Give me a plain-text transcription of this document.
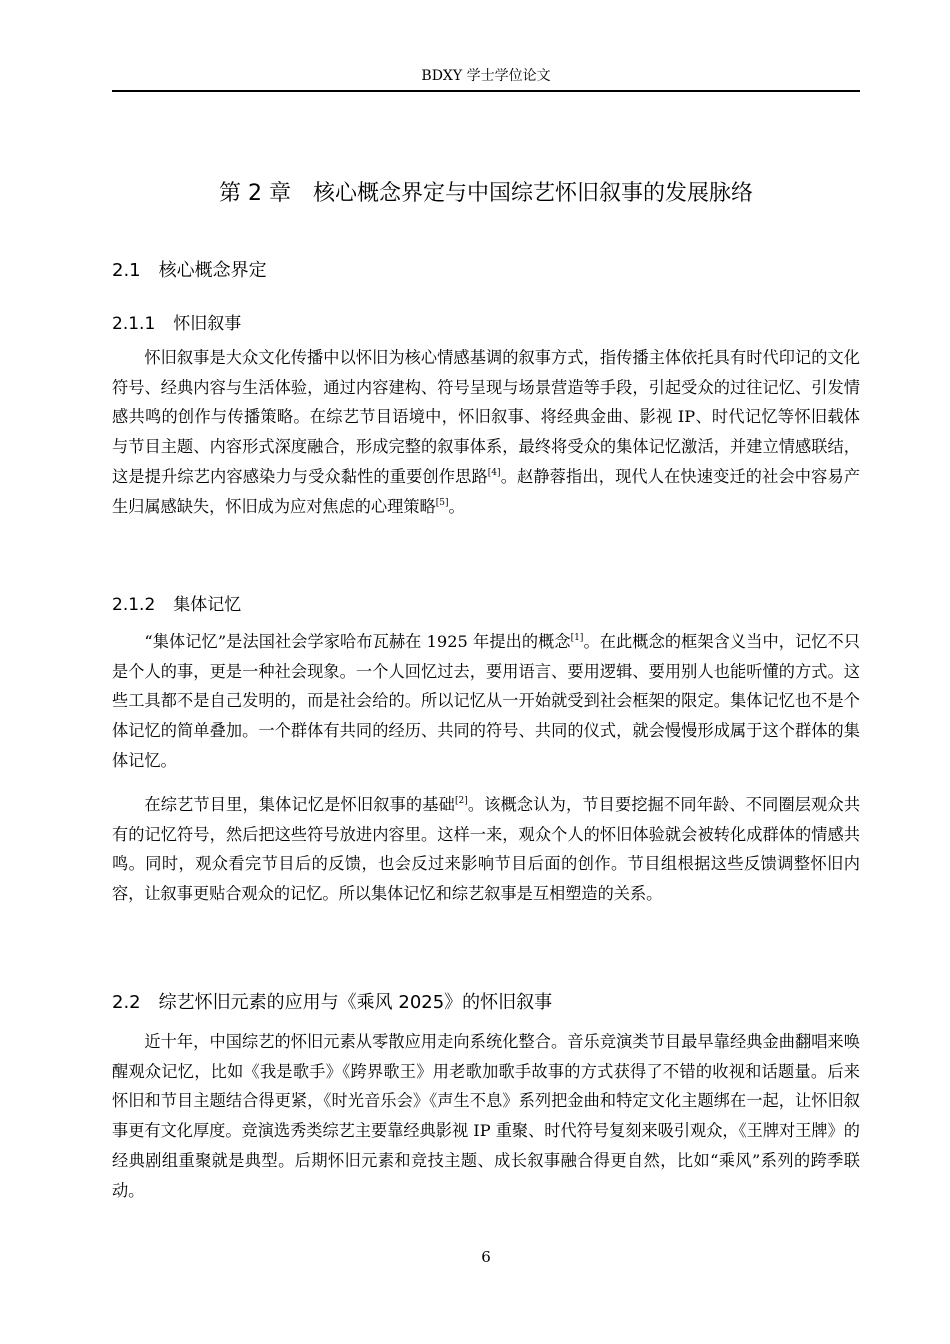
BDXY 学士学位论文
第 2 章　核心概念界定与中国综艺怀旧叙事的发展脉络
2.1 核心概念界定
2.1.1 怀旧叙事
怀旧叙事是大众文化传播中以怀旧为核心情感基调的叙事方式，指传播主体依托具有时代印记的文化符号、经典内容与生活体验，通过内容建构、符号呈现与场景营造等手段，引起受众的过往记忆、引发情感共鸣的创作与传播策略。在综艺节目语境中，怀旧叙事、将经典金曲、影视 IP、时代记忆等怀旧载体与节目主题、内容形式深度融合，形成完整的叙事体系，最终将受众的集体记忆激活，并建立情感联结，这是提升综艺内容感染力与受众黏性的重要创作思路[4]。赵静蓉指出，现代人在快速变迁的社会中容易产生归属感缺失，怀旧成为应对焦虑的心理策略[5]。
2.1.2 集体记忆
“集体记忆”是法国社会学家哈布瓦赫在 1925 年提出的概念[1]。在此概念的框架含义当中，记忆不只是个人的事，更是一种社会现象。一个人回忆过去，要用语言、要用逻辑、要用别人也能听懂的方式。这些工具都不是自己发明的，而是社会给的。所以记忆从一开始就受到社会框架的限定。集体记忆也不是个体记忆的简单叠加。一个群体有共同的经历、共同的符号、共同的仪式，就会慢慢形成属于这个群体的集体记忆。
在综艺节目里，集体记忆是怀旧叙事的基础[2]。该概念认为，节目要挖掘不同年龄、不同圈层观众共有的记忆符号，然后把这些符号放进内容里。这样一来，观众个人的怀旧体验就会被转化成群体的情感共鸣。同时，观众看完节目后的反馈，也会反过来影响节目后面的创作。节目组根据这些反馈调整怀旧内容，让叙事更贴合观众的记忆。所以集体记忆和综艺叙事是互相塑造的关系。
2.2 综艺怀旧元素的应用与《乘风 2025》的怀旧叙事
近十年，中国综艺的怀旧元素从零散应用走向系统化整合。音乐竞演类节目最早靠经典金曲翻唱来唤醒观众记忆，比如《我是歌手》《跨界歌王》用老歌加歌手故事的方式获得了不错的收视和话题量。后来怀旧和节目主题结合得更紧，《时光音乐会》《声生不息》系列把金曲和特定文化主题绑在一起，让怀旧叙事更有文化厚度。竞演选秀类综艺主要靠经典影视 IP 重聚、时代符号复刻来吸引观众，《王牌对王牌》的经典剧组重聚就是典型。后期怀旧元素和竞技主题、成长叙事融合得更自然，比如“乘风”系列的跨季联动。
6
